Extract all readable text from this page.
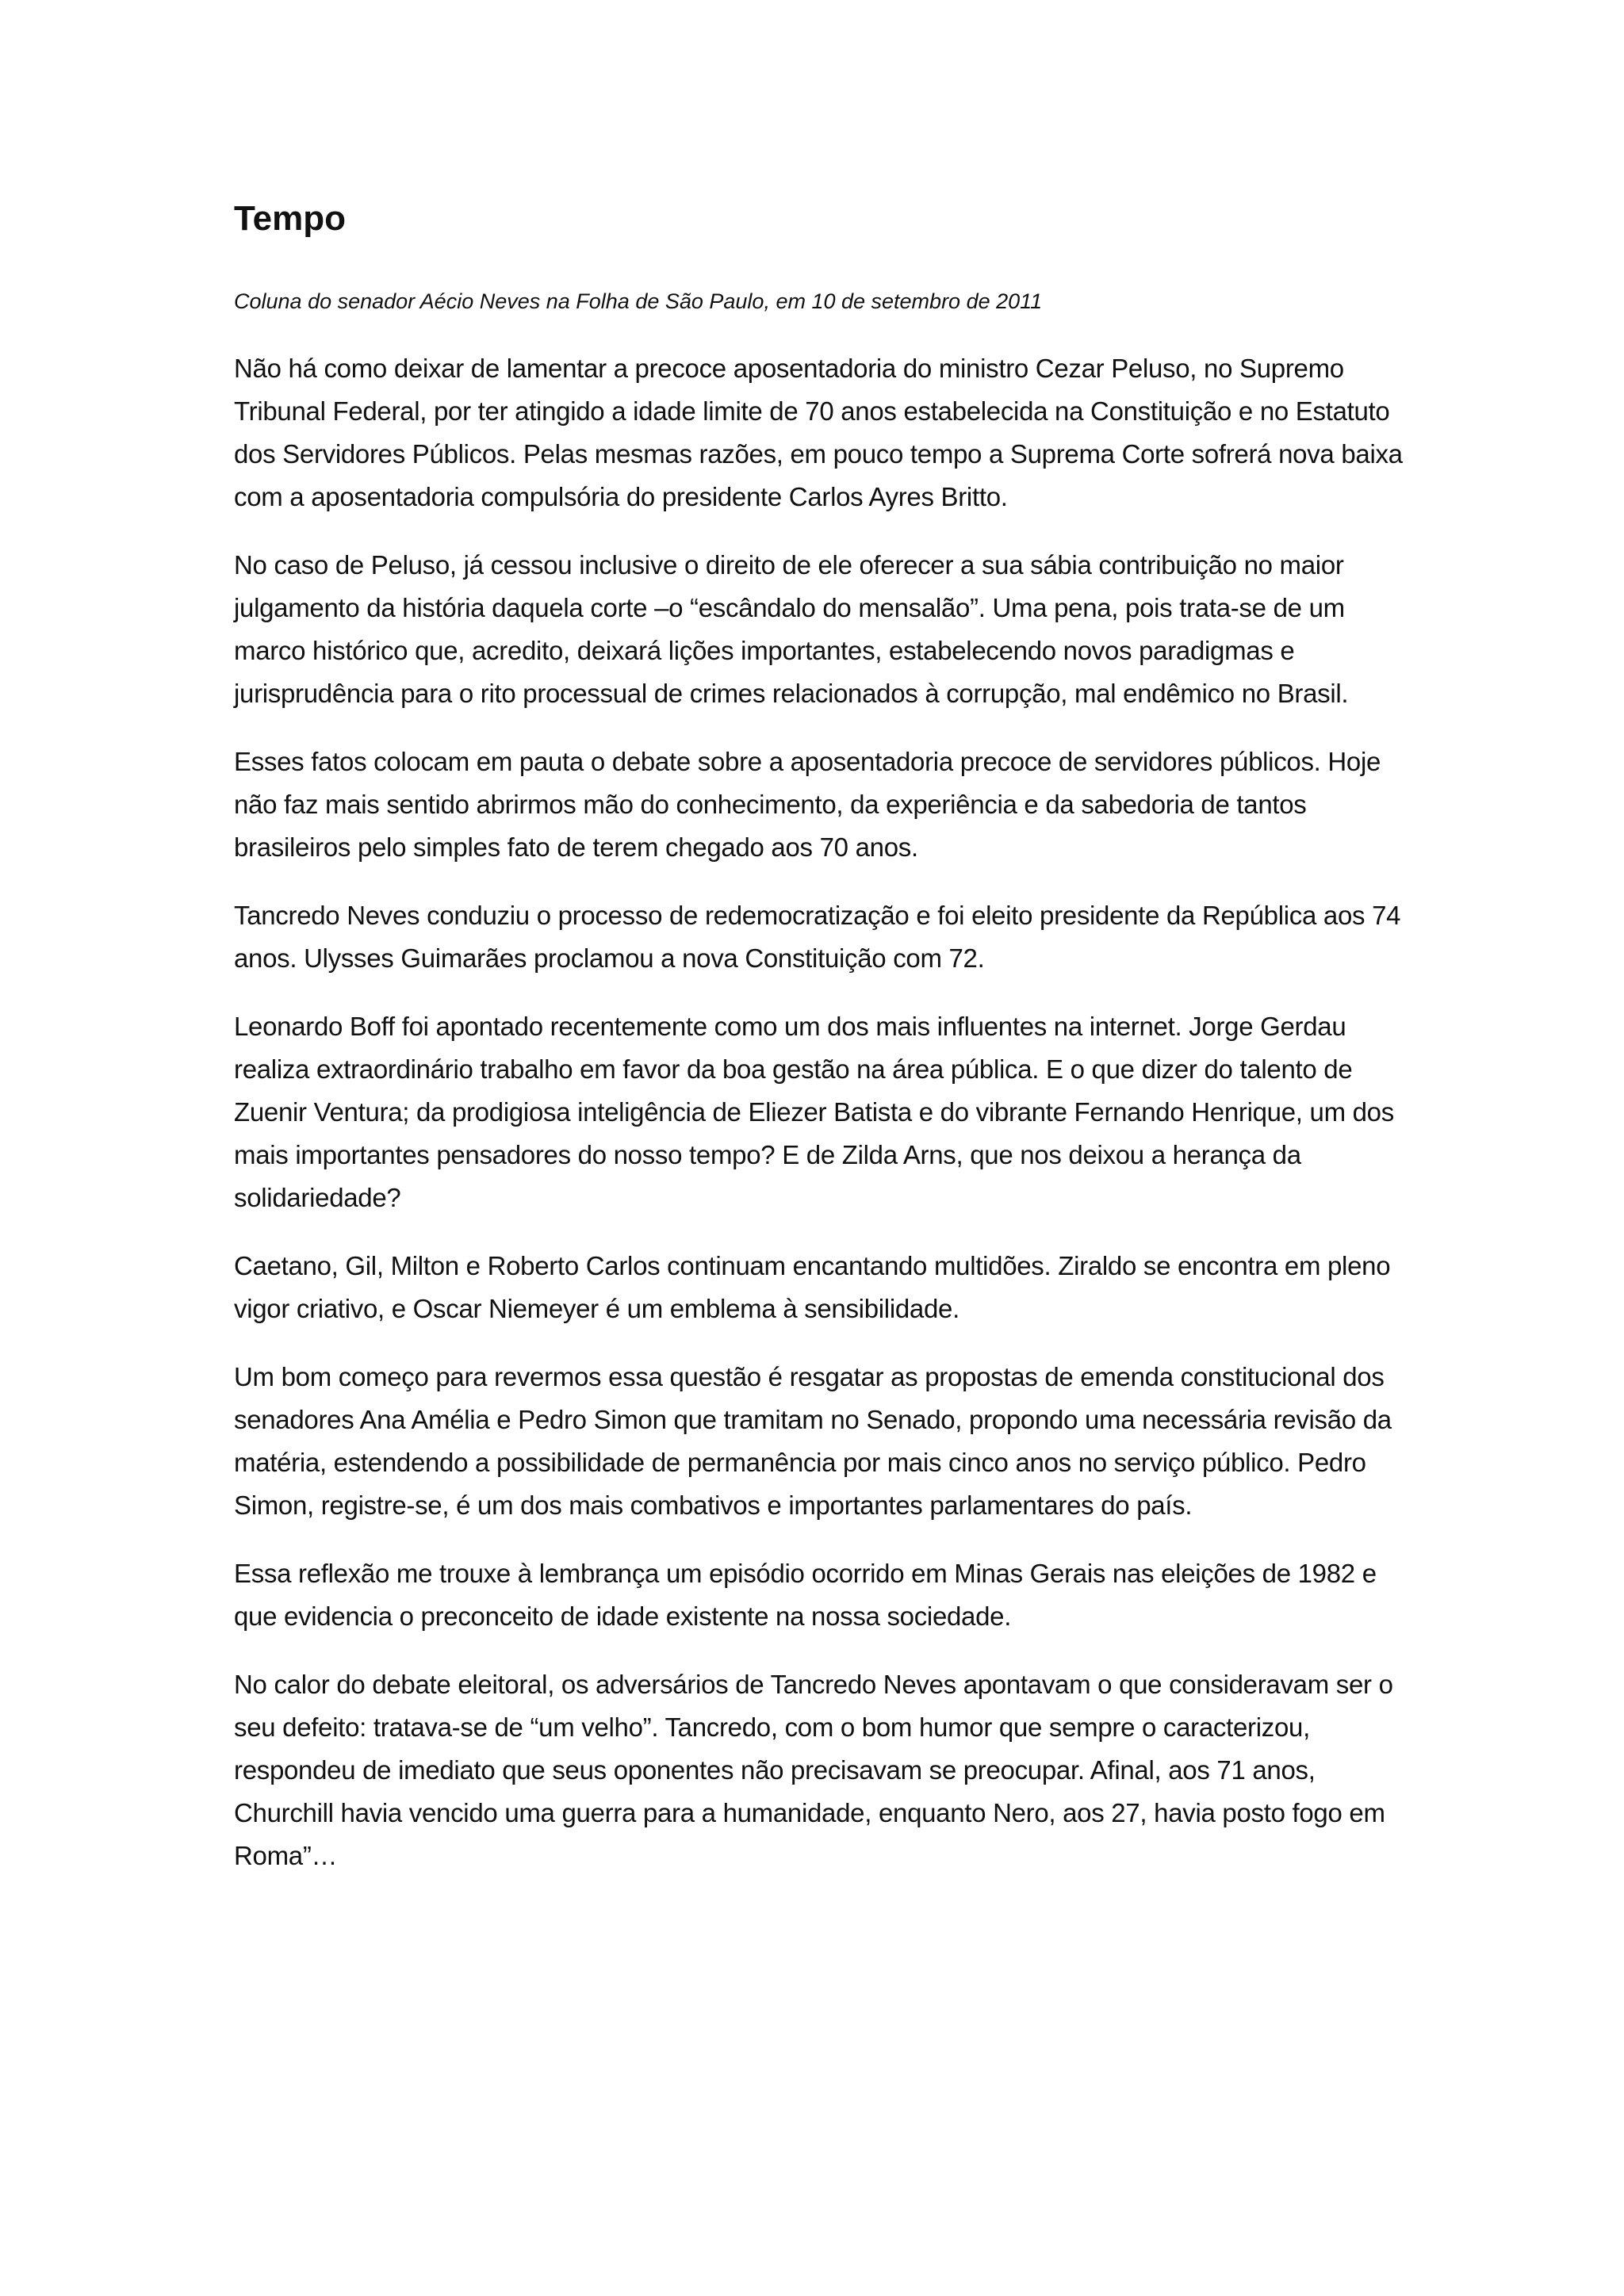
Tempo

Coluna do senador Aécio Neves na Folha de São Paulo, em 10 de setembro de 2011

Não há como deixar de lamentar a precoce aposentadoria do ministro Cezar Peluso, no Supremo Tribunal Federal, por ter atingido a idade limite de 70 anos estabelecida na Constituição e no Estatuto dos Servidores Públicos. Pelas mesmas razões, em pouco tempo a Suprema Corte sofrerá nova baixa com a aposentadoria compulsória do presidente Carlos Ayres Britto.

No caso de Peluso, já cessou inclusive o direito de ele oferecer a sua sábia contribuição no maior julgamento da história daquela corte –o “escândalo do mensalão”. Uma pena, pois trata-se de um marco histórico que, acredito, deixará lições importantes, estabelecendo novos paradigmas e jurisprudência para o rito processual de crimes relacionados à corrupção, mal endêmico no Brasil.

Esses fatos colocam em pauta o debate sobre a aposentadoria precoce de servidores públicos. Hoje não faz mais sentido abrirmos mão do conhecimento, da experiência e da sabedoria de tantos brasileiros pelo simples fato de terem chegado aos 70 anos.

Tancredo Neves conduziu o processo de redemocratização e foi eleito presidente da República aos 74 anos. Ulysses Guimarães proclamou a nova Constituição com 72.

Leonardo Boff foi apontado recentemente como um dos mais influentes na internet. Jorge Gerdau realiza extraordinário trabalho em favor da boa gestão na área pública. E o que dizer do talento de Zuenir Ventura; da prodigiosa inteligência de Eliezer Batista e do vibrante Fernando Henrique, um dos mais importantes pensadores do nosso tempo? E de Zilda Arns, que nos deixou a herança da solidariedade?

Caetano, Gil, Milton e Roberto Carlos continuam encantando multidões. Ziraldo se encontra em pleno vigor criativo, e Oscar Niemeyer é um emblema à sensibilidade.

Um bom começo para revermos essa questão é resgatar as propostas de emenda constitucional dos senadores Ana Amélia e Pedro Simon que tramitam no Senado, propondo uma necessária revisão da matéria, estendendo a possibilidade de permanência por mais cinco anos no serviço público. Pedro Simon, registre-se, é um dos mais combativos e importantes parlamentares do país.

Essa reflexão me trouxe à lembrança um episódio ocorrido em Minas Gerais nas eleições de 1982 e que evidencia o preconceito de idade existente na nossa sociedade.

No calor do debate eleitoral, os adversários de Tancredo Neves apontavam o que consideravam ser o seu defeito: tratava-se de “um velho”. Tancredo, com o bom humor que sempre o caracterizou, respondeu de imediato que seus oponentes não precisavam se preocupar. Afinal, aos 71 anos, Churchill havia vencido uma guerra para a humanidade, enquanto Nero, aos 27, havia posto fogo em Roma”…
